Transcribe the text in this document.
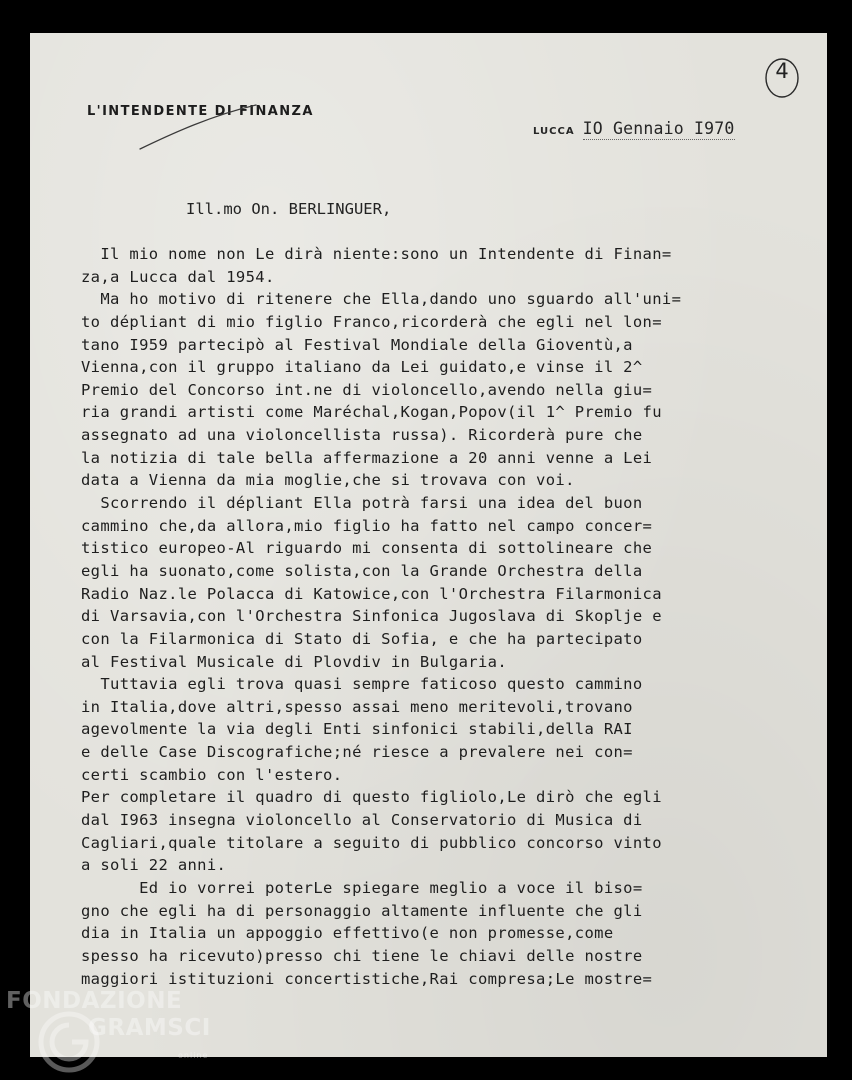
L'INTENDENTE DI FINANZA
4
LUCCA IO Gennaio I970
Ill.mo On. BERLINGUER,
Il mio nome non Le dirà niente:sono un Intendente di Finan=
za,a Lucca dal 1954.
Ma ho motivo di ritenere che Ella,dando uno sguardo all'uni=
to dépliant di mio figlio Franco,ricorderà che egli nel lon=
tano I959 partecipò al Festival Mondiale della Gioventù,a
Vienna,con il gruppo italiano da Lei guidato,e vinse il 2^
Premio del Concorso int.ne di violoncello,avendo nella giu=
ria grandi artisti come Maréchal,Kogan,Popov(il 1^ Premio fu
assegnato ad una violoncellista russa). Ricorderà pure che
la notizia di tale bella affermazione a 20 anni venne a Lei
data a Vienna da mia moglie,che si trovava con voi.
Scorrendo il dépliant Ella potrà farsi una idea del buon
cammino che,da allora,mio figlio ha fatto nel campo concer=
tistico europeo-Al riguardo mi consenta di sottolineare che
egli ha suonato,come solista,con la Grande Orchestra della
Radio Naz.le Polacca di Katowice,con l'Orchestra Filarmonica
di Varsavia,con l'Orchestra Sinfonica Jugoslava di Skoplje e
con la Filarmonica di Stato di Sofia, e che ha partecipato
al Festival Musicale di Plovdiv in Bulgaria.
Tuttavia egli trova quasi sempre faticoso questo cammino
in Italia,dove altri,spesso assai meno meritevoli,trovano
agevolmente la via degli Enti sinfonici stabili,della RAI
e delle Case Discografiche;né riesce a prevalere nei con=
certi scambio con l'estero.
Per completare il quadro di questo figliolo,Le dirò che egli
dal I963 insegna violoncello al Conservatorio di Musica di
Cagliari,quale titolare a seguito di pubblico concorso vinto
a soli 22 anni.
Ed io vorrei poterLe spiegare meglio a voce il biso=
gno che egli ha di personaggio altamente influente che gli
dia in Italia un appoggio effettivo(e non promesse,come
spesso ha ricevuto)presso chi tiene le chiavi delle nostre
maggiori istituzioni concertistiche,Rai compresa;Le mostre=
FONDAZIONE
GRAMSCI
online
